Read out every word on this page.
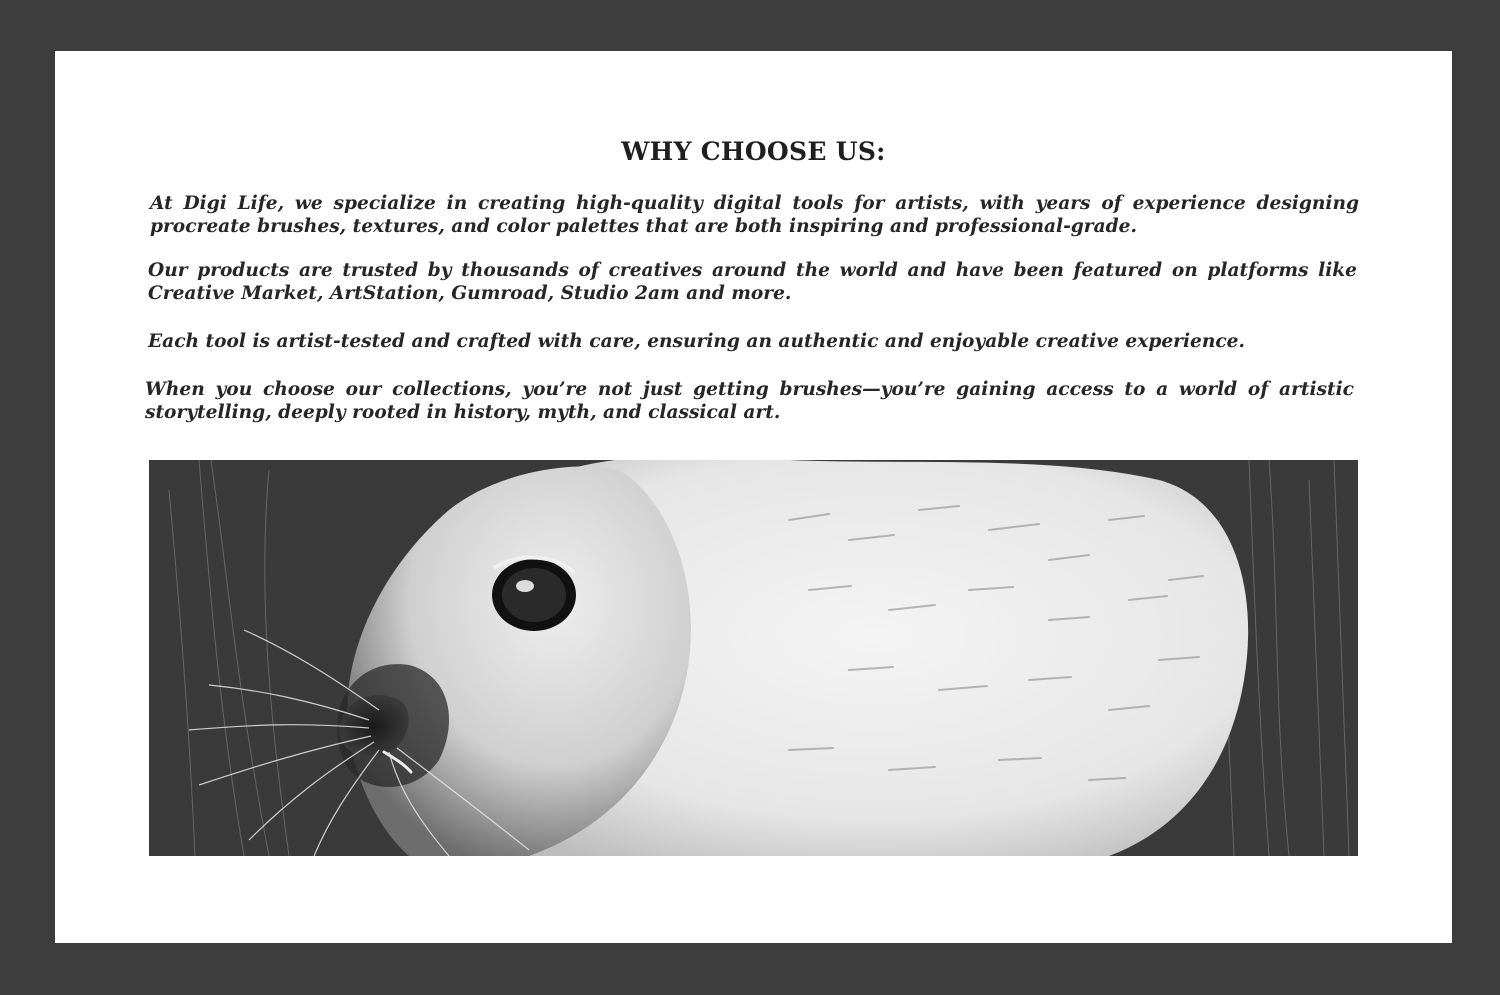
WHY CHOOSE US:

At Digi Life, we specialize in creating high-quality digital tools for artists, with years of experience designing procreate brushes, textures, and color palettes that are both inspiring and professional-grade.

Our products are trusted by thousands of creatives around the world and have been featured on platforms like Creative Market, ArtStation, Gumroad, Studio 2am and more.

Each tool is artist-tested and crafted with care, ensuring an authentic and enjoyable creative experience.

When you choose our collections, you’re not just getting brushes—you’re gaining access to a world of artistic storytelling, deeply rooted in history, myth, and classical art.
